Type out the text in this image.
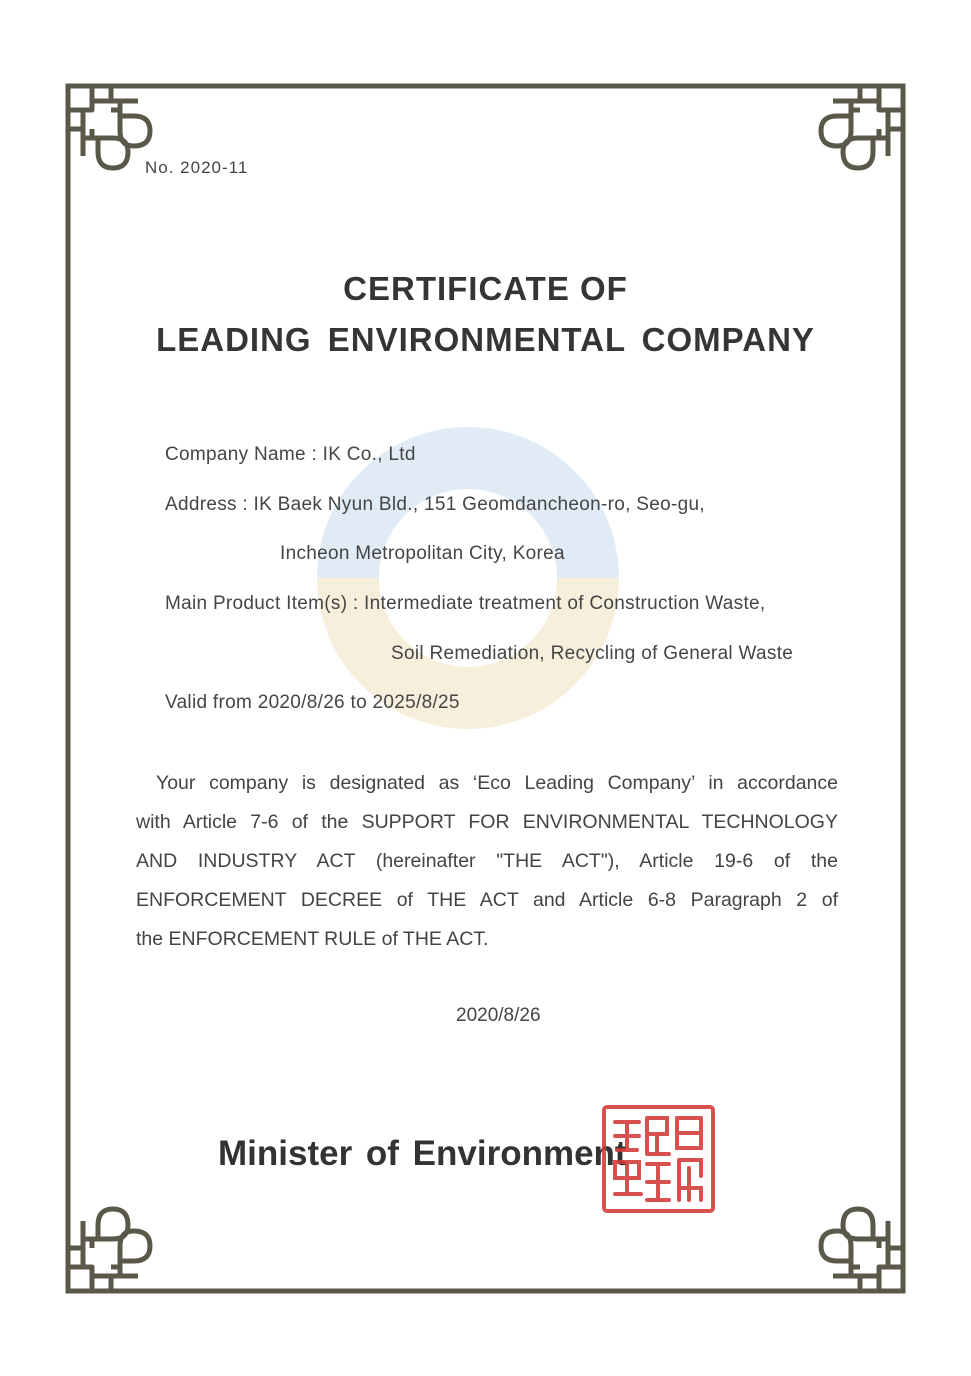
No. 2020-11
CERTIFICATE OF
LEADING ENVIRONMENTAL COMPANY
Company Name : IK Co., Ltd
Address : IK Baek Nyun Bld., 151 Geomdancheon-ro, Seo-gu,
Incheon Metropolitan City, Korea
Main Product Item(s) : Intermediate treatment of Construction Waste,
Soil Remediation, Recycling of General Waste
Valid from 2020/8/26 to 2025/8/25
Your company is designated as ‘Eco Leading Company’ in accordance
with Article 7-6 of the SUPPORT FOR ENVIRONMENTAL TECHNOLOGY
AND INDUSTRY ACT (hereinafter "THE ACT"), Article 19-6 of the
ENFORCEMENT DECREE of THE ACT and Article 6-8 Paragraph 2 of
the ENFORCEMENT RULE of THE ACT.
2020/8/26
Minister of Environment
